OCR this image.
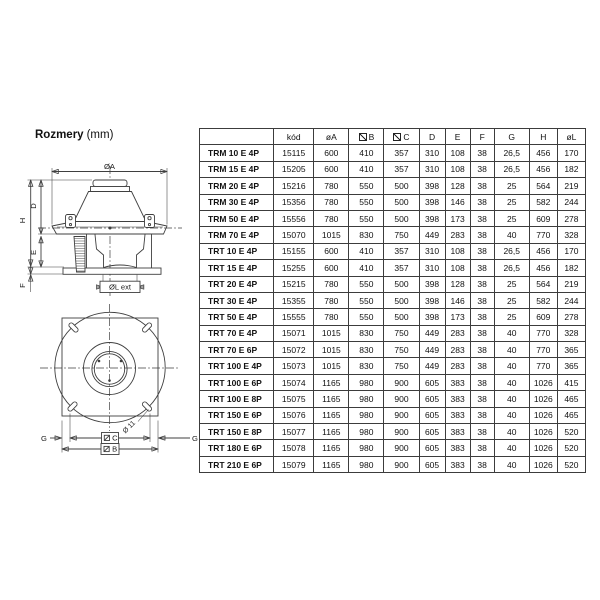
Rozmery (mm)
ØA
H
D
E
F	ØL ext
Ø 11
C
B
G	G
	kód	øA	B	C	D	E	F	G	H	øL
TRM 10 E 4P	15115	600	410	357	310	108	38	26,5	456	170
TRM 15 E 4P	15205	600	410	357	310	108	38	26,5	456	182
TRM 20 E 4P	15216	780	550	500	398	128	38	25	564	219
TRM 30 E 4P	15356	780	550	500	398	146	38	25	582	244
TRM 50 E 4P	15556	780	550	500	398	173	38	25	609	278
TRM 70 E 4P	15070	1015	830	750	449	283	38	40	770	328
TRT 10 E 4P	15155	600	410	357	310	108	38	26,5	456	170
TRT 15 E 4P	15255	600	410	357	310	108	38	26,5	456	182
TRT 20 E 4P	15215	780	550	500	398	128	38	25	564	219
TRT 30 E 4P	15355	780	550	500	398	146	38	25	582	244
TRT 50 E 4P	15555	780	550	500	398	173	38	25	609	278
TRT 70 E 4P	15071	1015	830	750	449	283	38	40	770	328
TRT 70 E 6P	15072	1015	830	750	449	283	38	40	770	365
TRT 100 E 4P	15073	1015	830	750	449	283	38	40	770	365
TRT 100 E 6P	15074	1165	980	900	605	383	38	40	1026	415
TRT 100 E 8P	15075	1165	980	900	605	383	38	40	1026	465
TRT 150 E 6P	15076	1165	980	900	605	383	38	40	1026	465
TRT 150 E 8P	15077	1165	980	900	605	383	38	40	1026	520
TRT 180 E 6P	15078	1165	980	900	605	383	38	40	1026	520
TRT 210 E 6P	15079	1165	980	900	605	383	38	40	1026	520
